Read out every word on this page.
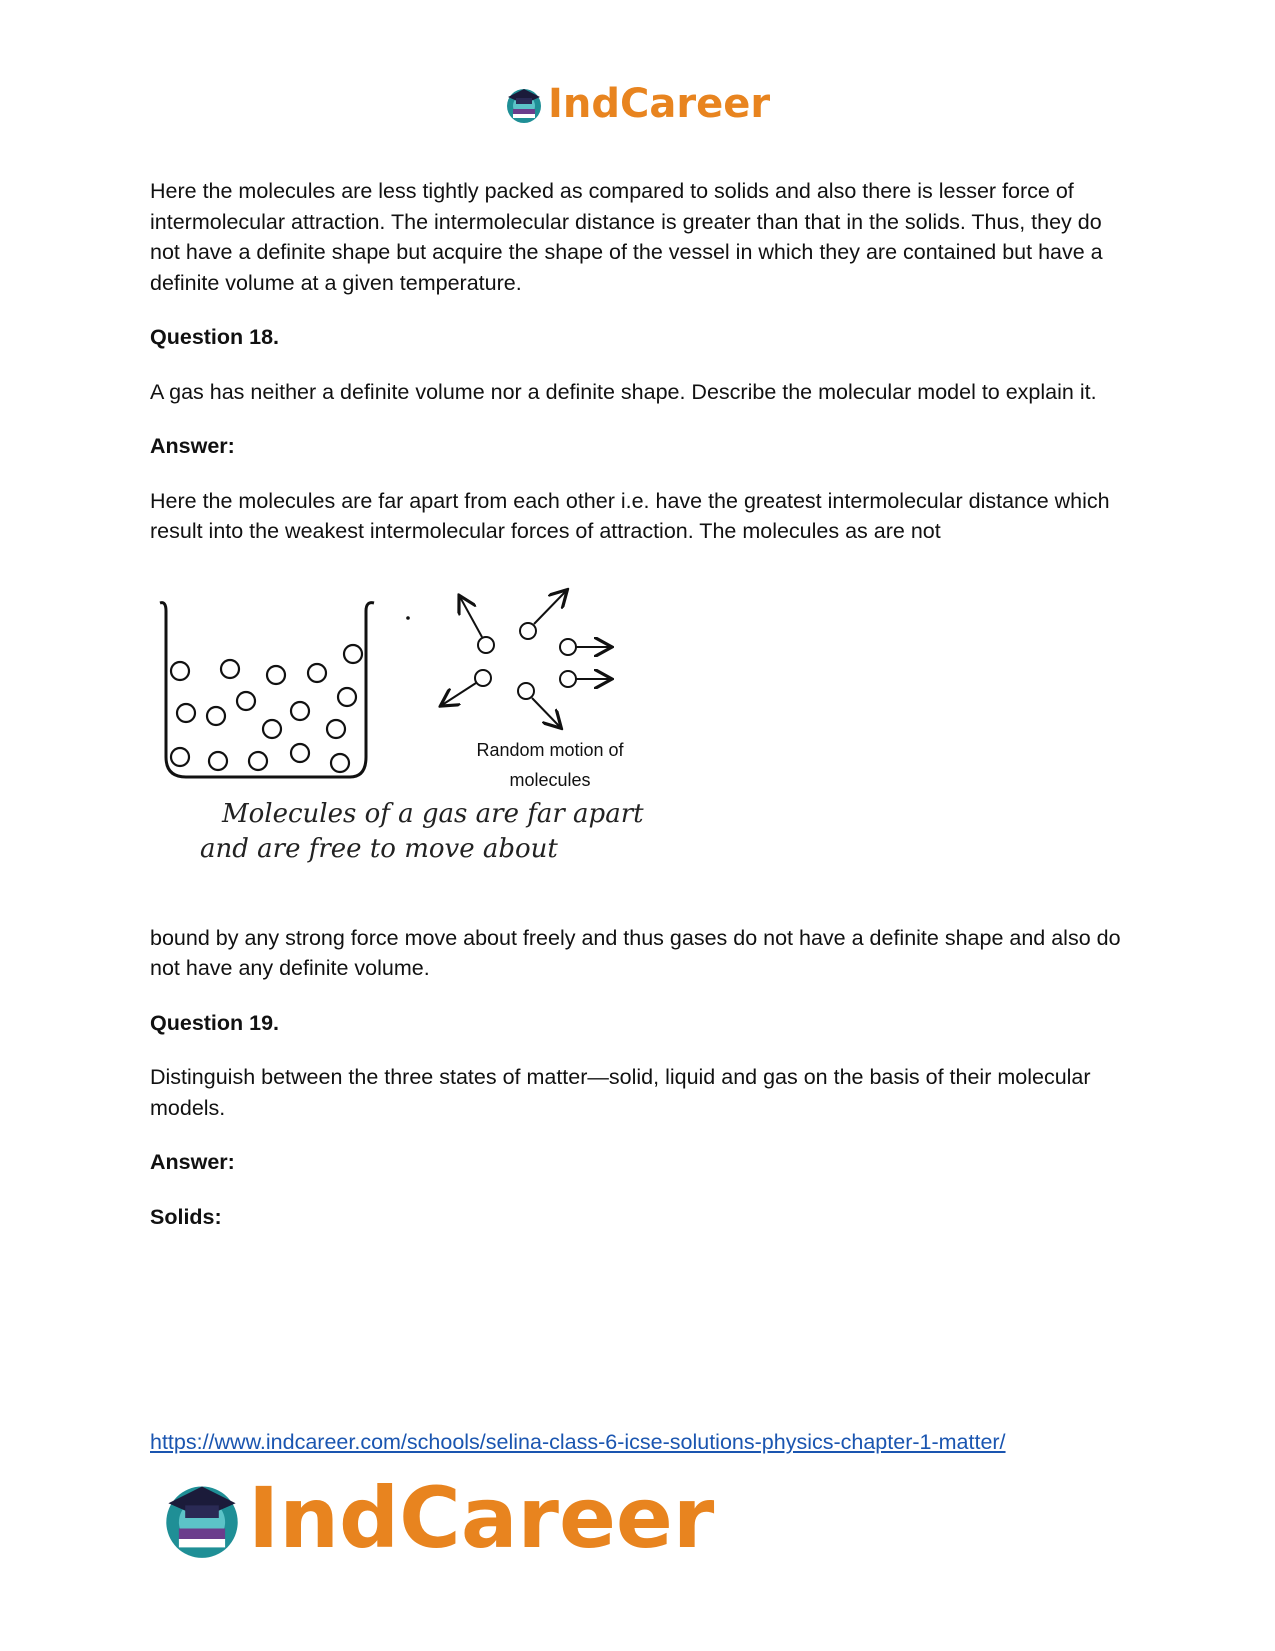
IndCareer

Here the molecules are less tightly packed as compared to solids and also there is lesser force of intermolecular attraction. The intermolecular distance is greater than that in the solids. Thus, they do not have a definite shape but acquire the shape of the vessel in which they are contained but have a definite volume at a given temperature.

Question 18.

A gas has neither a definite volume nor a definite shape. Describe the molecular model to explain it.

Answer:

Here the molecules are far apart from each other i.e. have the greatest intermolecular distance which result into the weakest intermolecular forces of attraction. The molecules as are not

Random motion of
molecules
Molecules of a gas are far apart
and are free to move about

bound by any strong force move about freely and thus gases do not have a definite shape and also do not have any definite volume.

Question 19.

Distinguish between the three states of matter—solid, liquid and gas on the basis of their molecular models.

Answer:

Solids:

https://www.indcareer.com/schools/selina-class-6-icse-solutions-physics-chapter-1-matter/
IndCareer
